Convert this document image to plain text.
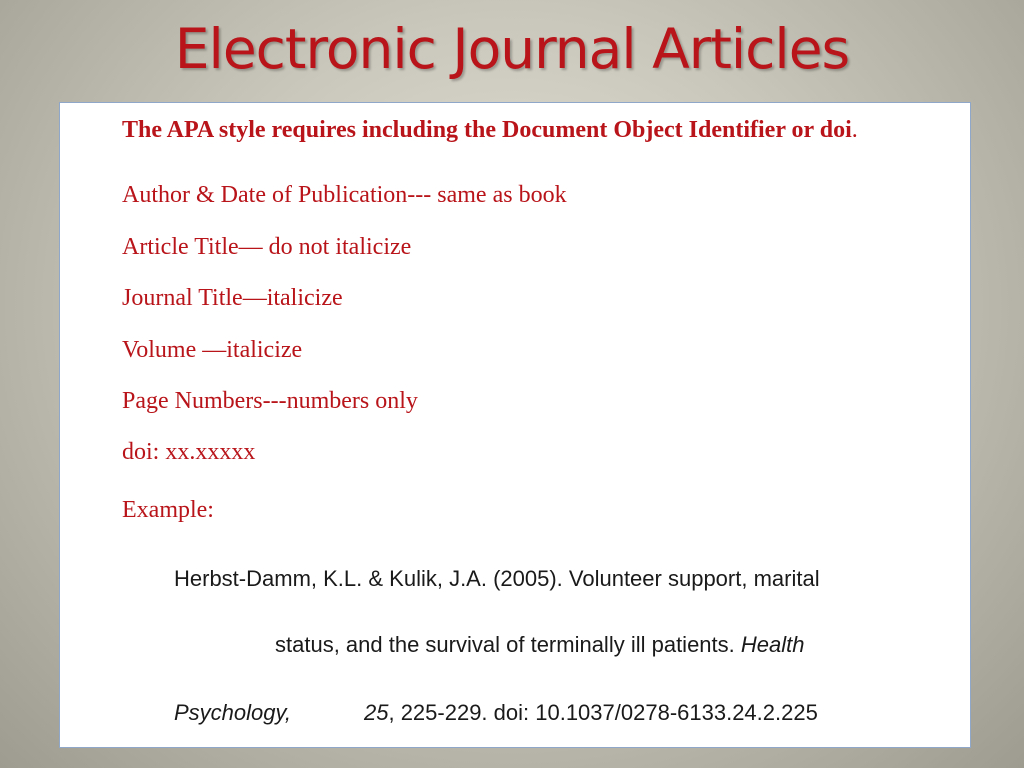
Electronic Journal Articles
The APA style requires including the Document Object Identifier or doi.
Author & Date of Publication--- same as book
Article Title— do not italicize
Journal Title—italicize
Volume —italicize
Page Numbers---numbers only
doi: xx.xxxxx
Example:
Herbst-Damm, K.L. & Kulik, J.A. (2005). Volunteer support, marital
status, and the survival of terminally ill patients. Health
Psychology,	25, 225-229. doi: 10.1037/0278-6133.24.2.225
